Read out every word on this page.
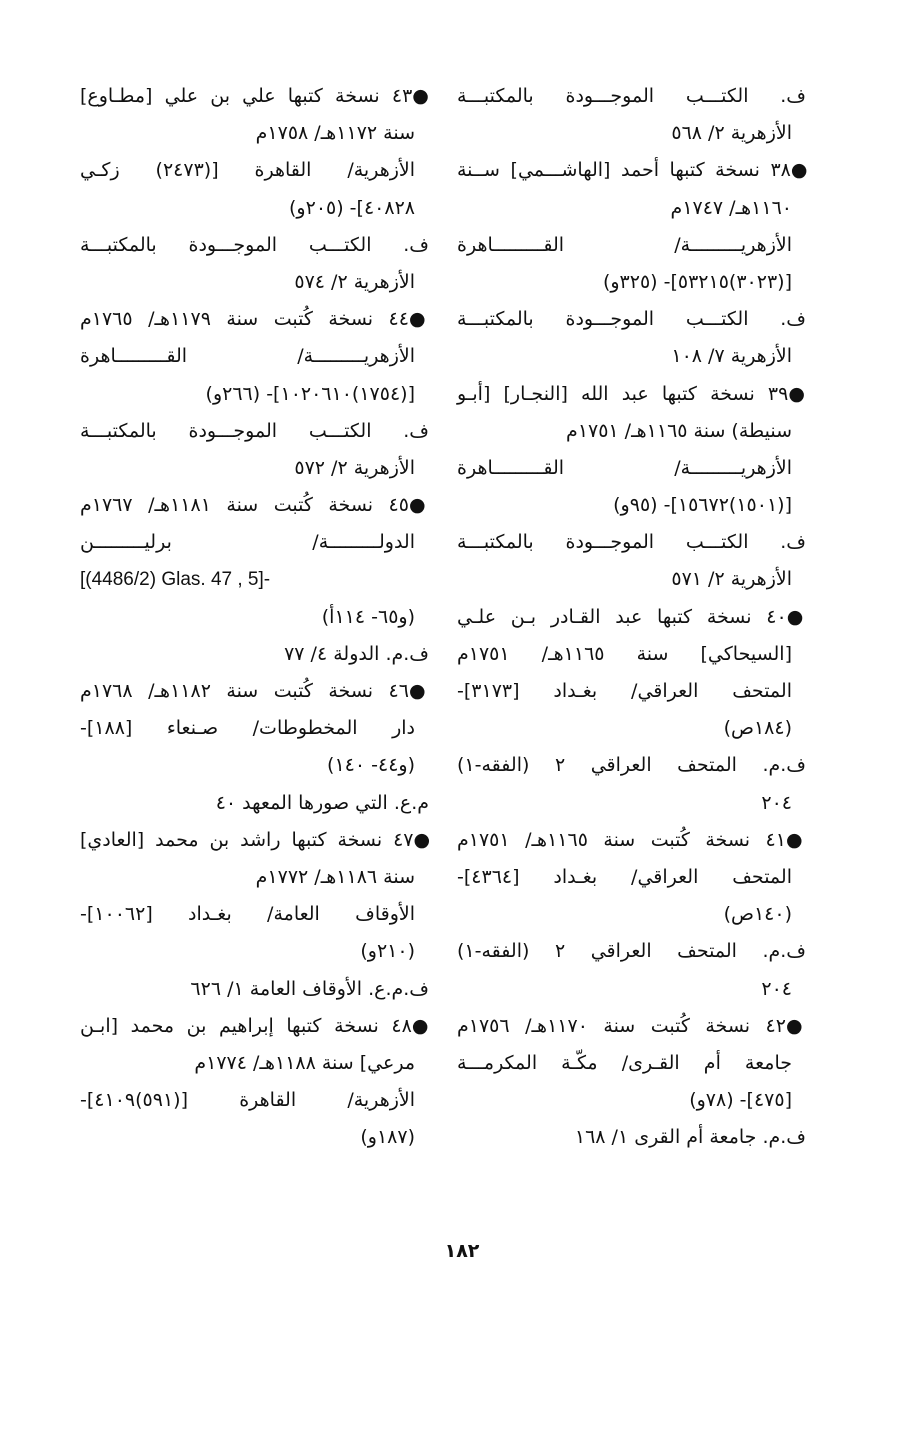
ف. الكتـــب الموجـــودة بالمكتبـــة
الأزهرية ٢/ ٥٦٨
●٣٨ نسخة كتبها أحمد [الهاشـــمي] ســنة
١١٦٠هـ/ ١٧٤٧م
الأزهريـــــــــة/ القـــــــــاهرة
[(٣٠٢٣)٥٣٢١٥]- (٣٢٥و)
ف. الكتـــب الموجـــودة بالمكتبـــة
الأزهرية ٧/ ١٠٨
●٣٩ نسخة كتبها عبد الله [النجـار] [أبـو
سنيطة) سنة ١١٦٥هـ/ ١٧٥١م
الأزهريـــــــــة/ القـــــــــاهرة
[(١٥٠١)١٥٦٧٢]- (٩٥و)
ف. الكتـــب الموجـــودة بالمكتبـــة
الأزهرية ٢/ ٥٧١
●٤٠ نسخة كتبها عبد القـادر بـن علـي
[السيحاكي] سنة ١١٦٥هـ/ ١٧٥١م
المتحف العراقي/ بغـداد [٣١٧٣]-
(١٨٤ص)
ف.م. المتحف العراقي ٢ (الفقه-١)
٢٠٤
●٤١ نسخة كُتبت سنة ١١٦٥هـ/ ١٧٥١م
المتحف العراقي/ بغـداد [٤٣٦٤]-
(١٤٠ص)
ف.م. المتحف العراقي ٢ (الفقه-١)
٢٠٤
●٤٢ نسخة كُتبت سنة ١١٧٠هـ/ ١٧٥٦م
جامعة أم القـرى/ مكّـة المكرمـــة
[٤٧٥]- (٧٨و)
ف.م. جامعة أم القرى ١/ ١٦٨
●٤٣ نسخة كتبها علي بن علي [مطـاوع]
سنة ١١٧٢هـ/ ١٧٥٨م
الأزهرية/ القاهرة [(٢٤٧٣) زكـي
٤٠٨٢٨]- (٢٠٥و)
ف. الكتـــب الموجـــودة بالمكتبـــة
الأزهرية ٢/ ٥٧٤
●٤٤ نسخة كُتبت سنة ١١٧٩هـ/ ١٧٦٥م
الأزهريـــــــــة/ القـــــــــاهرة
[(١٧٥٤)١٠٢٠٦١٠]- (٢٦٦و)
ف. الكتـــب الموجـــودة بالمكتبـــة
الأزهرية ٢/ ٥٧٢
●٤٥ نسخة كُتبت سنة ١١٨١هـ/ ١٧٦٧م
الدولـــــــــة/ برليـــــــــن
[(4486/2) Glas. 47 , 5]-
(و٦٥- ١١٤أ)
ف.م. الدولة ٤/ ٧٧
●٤٦ نسخة كُتبت سنة ١١٨٢هـ/ ١٧٦٨م
دار المخطوطات/ صـنعاء [١٨٨]-
(و٤٤- ١٤٠)
م.ع. التي صورها المعهد ٤٠
●٤٧ نسخة كتبها راشد بن محمد [العادي]
سنة ١١٨٦هـ/ ١٧٧٢م
الأوقاف العامة/ بغـداد [١٠٠٦٢]-
(٢١٠و)
ف.م.ع. الأوقاف العامة ١/ ٦٢٦
●٤٨ نسخة كتبها إبراهيم بن محمد [ابـن
مرعي] سنة ١١٨٨هـ/ ١٧٧٤م
الأزهرية/ القاهرة [(٥٩١)٤١٠٩]-
(١٨٧و)
١٨٢
